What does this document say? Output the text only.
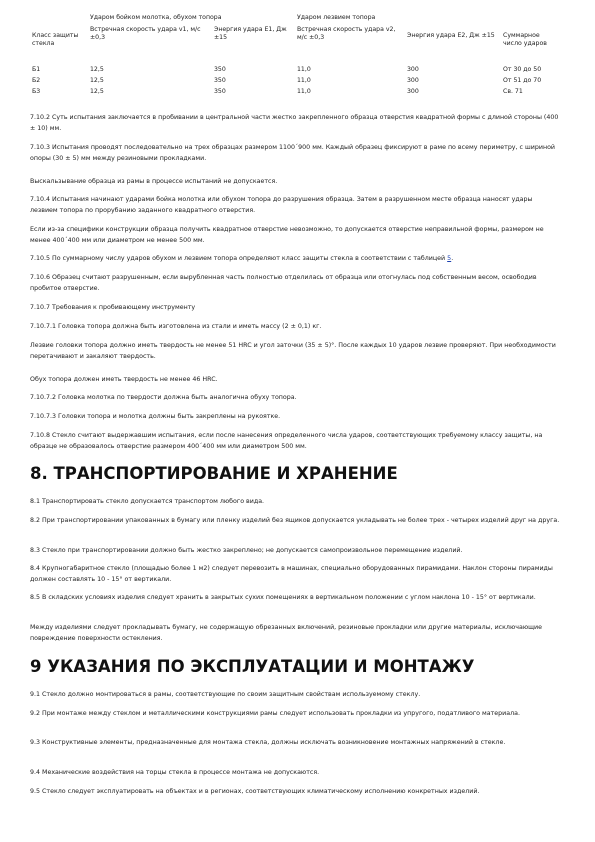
	Ударом бойком молотка, обухом топора		Ударом лезвием топора		
Класс защиты стекла	Встречная скорость удара v1, м/с ±0,3	Энергия удара Е1, Дж ±15	Встречная скорость удара v2, м/с ±0,3	Энергия удара Е2, Дж ±15	Суммарное число ударов
Б1	12,5	350	11,0	300	От 30 до 50
Б2	12,5	350	11,0	300	От 51 до 70
Б3	12,5	350	11,0	300	Св. 71

7.10.2 Суть испытания заключается в пробивании в центральной части жестко закрепленного образца отверстия квадратной формы с длиной стороны (400 ± 10) мм.

7.10.3 Испытания проводят последовательно на трех образцах размером 1100´900 мм. Каждый образец фиксируют в раме по всему периметру, с шириной опоры (30 ± 5) мм между резиновыми прокладками.

Выскальзывание образца из рамы в процессе испытаний не допускается.

7.10.4 Испытания начинают ударами бойка молотка или обухом топора до разрушения образца. Затем в разрушенном месте образца наносят удары лезвием топора по прорубанию заданного квадратного отверстия.

Если из-за специфики конструкции образца получить квадратное отверстие невозможно, то допускается отверстие неправильной формы, размером не менее 400´400 мм или диаметром не менее 500 мм.

7.10.5 По суммарному числу ударов обухом и лезвием топора определяют класс защиты стекла в соответствии с таблицей 5.

7.10.6 Образец считают разрушенным, если вырубленная часть полностью отделилась от образца или отогнулась под собственным весом, освободив пробитое отверстие.

7.10.7 Требования к пробивающему инструменту

7.10.7.1 Головка топора должна быть изготовлена из стали и иметь массу (2 ± 0,1) кг.

Лезвие головки топора должно иметь твердость не менее 51 HRC и угол заточки (35 ± 5)°. После каждых 10 ударов лезвие проверяют. При необходимости перетачивают и закаляют твердость.

Обух топора должен иметь твердость не менее 46 HRC.

7.10.7.2 Головка молотка по твердости должна быть аналогична обуху топора.

7.10.7.3 Головки топора и молотка должны быть закреплены на рукоятке.

7.10.8 Стекло считают выдержавшим испытания, если после нанесения определенного числа ударов, соответствующих требуемому классу защиты, на образце не образовалось отверстие размером 400´400 мм или диаметром 500 мм.

8. ТРАНСПОРТИРОВАНИЕ И ХРАНЕНИЕ

8.1 Транспортировать стекло допускается транспортом любого вида.

8.2 При транспортировании упакованных в бумагу или пленку изделий без ящиков допускается укладывать не более трех - четырех изделий друг на друга.

8.3 Стекло при транспортировании должно быть жестко закреплено; не допускается самопроизвольное перемещение изделий.

8.4 Крупногабаритное стекло (площадью более 1 м2) следует перевозить в машинах, специально оборудованных пирамидами. Наклон стороны пирамиды должен составлять 10 - 15° от вертикали.

8.5 В складских условиях изделия следует хранить в закрытых сухих помещениях в вертикальном положении с углом наклона 10 - 15° от вертикали.

Между изделиями следует прокладывать бумагу, не содержащую обрезанных включений, резиновые прокладки или другие материалы, исключающие повреждение поверхности остекления.

9 УКАЗАНИЯ ПО ЭКСПЛУАТАЦИИ И МОНТАЖУ

9.1 Стекло должно монтироваться в рамы, соответствующие по своим защитным свойствам используемому стеклу.

9.2 При монтаже между стеклом и металлическими конструкциями рамы следует использовать прокладки из упругого, податливого материала.

9.3 Конструктивные элементы, предназначенные для монтажа стекла, должны исключать возникновение монтажных напряжений в стекле.

9.4 Механические воздействия на торцы стекла в процессе монтажа не допускаются.

9.5 Стекло следует эксплуатировать на объектах и в регионах, соответствующих климатическому исполнению конкретных изделий.
